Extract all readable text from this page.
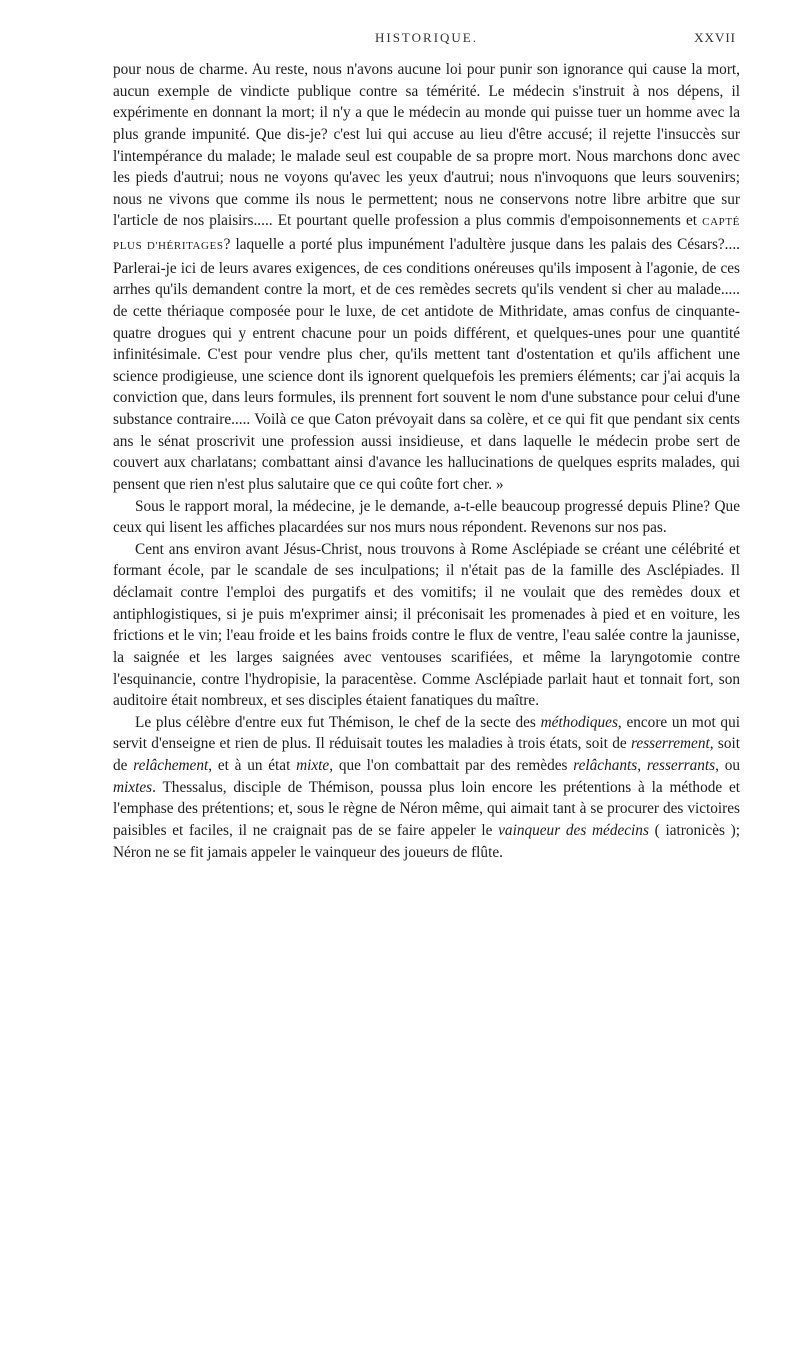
HISTORIQUE.	XXVII

pour nous de charme. Au reste, nous n'avons aucune loi pour punir son ignorance qui cause la mort, aucun exemple de vindicte publique contre sa témérité. Le médecin s'instruit à nos dépens, il expérimente en donnant la mort; il n'y a que le médecin au monde qui puisse tuer un homme avec la plus grande impunité. Que dis-je? c'est lui qui accuse au lieu d'être accusé; il rejette l'insuccès sur l'intempérance du malade; le malade seul est coupable de sa propre mort. Nous marchons donc avec les pieds d'autrui; nous ne voyons qu'avec les yeux d'autrui; nous n'invoquons que leurs souvenirs; nous ne vivons que comme ils nous le permettent; nous ne conservons notre libre arbitre que sur l'article de nos plaisirs..... Et pourtant quelle profession a plus commis d'empoisonnements et CAPTÉ PLUS D'HÉRITAGES? laquelle a porté plus impunément l'adultère jusque dans les palais des Césars?.... Parlerai-je ici de leurs avares exigences, de ces conditions onéreuses qu'ils imposent à l'agonie, de ces arrhes qu'ils demandent contre la mort, et de ces remèdes secrets qu'ils vendent si cher au malade..... de cette thériaque composée pour le luxe, de cet antidote de Mithridate, amas confus de cinquante-quatre drogues qui y entrent chacune pour un poids différent, et quelques-unes pour une quantité infinitésimale. C'est pour vendre plus cher, qu'ils mettent tant d'ostentation et qu'ils affichent une science prodigieuse, une science dont ils ignorent quelquefois les premiers éléments; car j'ai acquis la conviction que, dans leurs formules, ils prennent fort souvent le nom d'une substance pour celui d'une substance contraire..... Voilà ce que Caton prévoyait dans sa colère, et ce qui fit que pendant six cents ans le sénat proscrivit une profession aussi insidieuse, et dans laquelle le médecin probe sert de couvert aux charlatans; combattant ainsi d'avance les hallucinations de quelques esprits malades, qui pensent que rien n'est plus salutaire que ce qui coûte fort cher. »

Sous le rapport moral, la médecine, je le demande, a-t-elle beaucoup progressé depuis Pline? Que ceux qui lisent les affiches placardées sur nos murs nous répondent. Revenons sur nos pas.

Cent ans environ avant Jésus-Christ, nous trouvons à Rome Asclépiade se créant une célébrité et formant école, par le scandale de ses inculpations; il n'était pas de la famille des Asclépiades. Il déclamait contre l'emploi des purgatifs et des vomitifs; il ne voulait que des remèdes doux et antiphlogistiques, si je puis m'exprimer ainsi; il préconisait les promenades à pied et en voiture, les frictions et le vin; l'eau froide et les bains froids contre le flux de ventre, l'eau salée contre la jaunisse, la saignée et les larges saignées avec ventouses scarifiées, et même la laryngotomie contre l'esquinancie, contre l'hydropisie, la paracentèse. Comme Asclépiade parlait haut et tonnait fort, son auditoire était nombreux, et ses disciples étaient fanatiques du maître.

Le plus célèbre d'entre eux fut Thémison, le chef de la secte des méthodiques, encore un mot qui servit d'enseigne et rien de plus. Il réduisait toutes les maladies à trois états, soit de resserrement, soit de relâchement, et à un état mixte, que l'on combattait par des remèdes relâchants, resserrants, ou mixtes. Thessalus, disciple de Thémison, poussa plus loin encore les prétentions à la méthode et l'emphase des prétentions; et, sous le règne de Néron même, qui aimait tant à se procurer des victoires paisibles et faciles, il ne craignait pas de se faire appeler le vainqueur des médecins ( iatronicès ); Néron ne se fit jamais appeler le vainqueur des joueurs de flûte.
